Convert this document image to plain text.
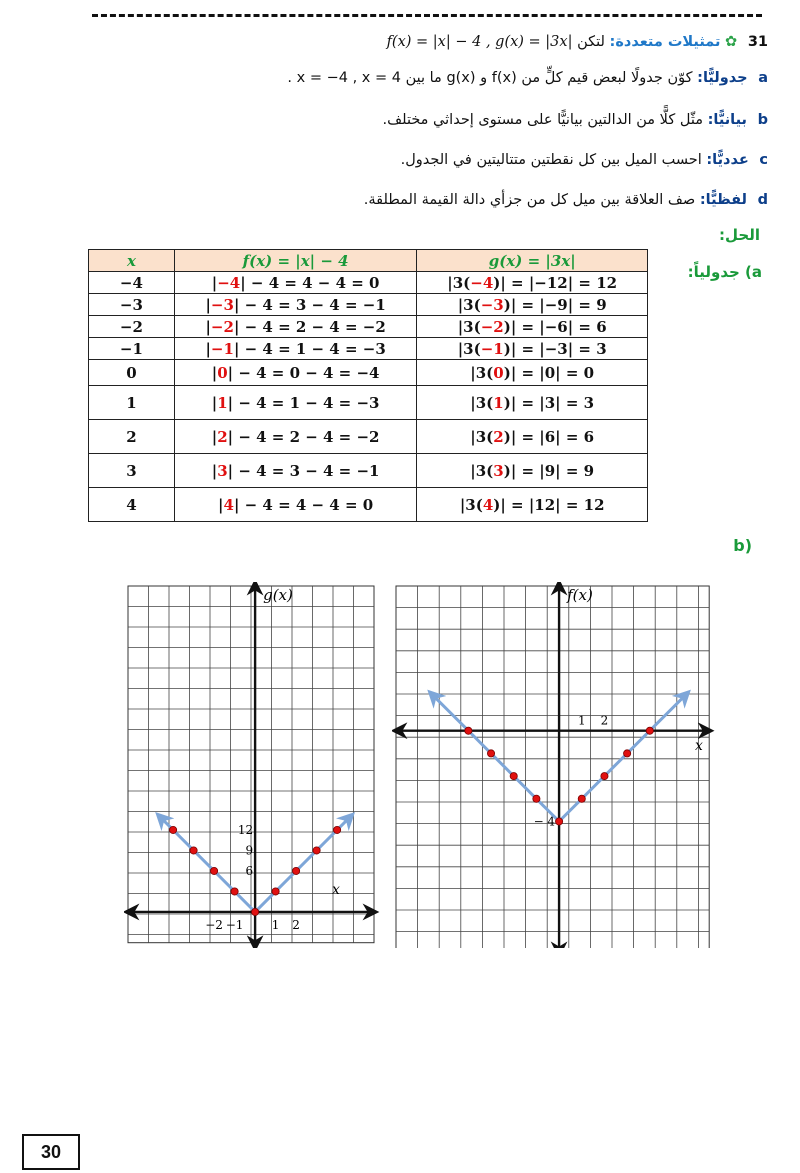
31 ✿ تمثيلات متعددة: لتكن f(x) = |x| − 4 , g(x) = |3x|
a جدوليًّا: كوّن جدولًا لبعض قيم كلٍّ من f(x) و g(x) ما بين x = −4 , x = 4 .
b بيانيًّا: مثّل كلًّا من الدالتين بيانيًّا على مستوى إحداثي مختلف.
c عدديًّا: احسب الميل بين كل نقطتين متتاليتين في الجدول.
d لفظيًّا: صف العلاقة بين ميل كل من جزأي دالة القيمة المطلقة.
الحل:
a) جدولياً:
(b
x	f(x) = |x| − 4	g(x) = |3x|
−4	|−4| − 4 = 4 − 4 = 0	|3(−4)| = |−12| = 12
−3	|−3| − 4 = 3 − 4 = −1	|3(−3)| = |−9| = 9
−2	|−2| − 4 = 2 − 4 = −2	|3(−2)| = |−6| = 6
−1	|−1| − 4 = 1 − 4 = −3	|3(−1)| = |−3| = 3
0	|0| − 4 = 0 − 4 = −4	|3(0)| = |0| = 0
1	|1| − 4 = 1 − 4 = −3	|3(1)| = |3| = 3
2	|2| − 4 = 2 − 4 = −2	|3(2)| = |6| = 6
3	|3| − 4 = 3 − 4 = −1	|3(3)| = |9| = 9
4	|4| − 4 = 4 − 4 = 0	|3(4)| = |12| = 12
g(x)
x
−2 −1 1 2
12
9
6
f(x)
x
1 2
− 4
30
